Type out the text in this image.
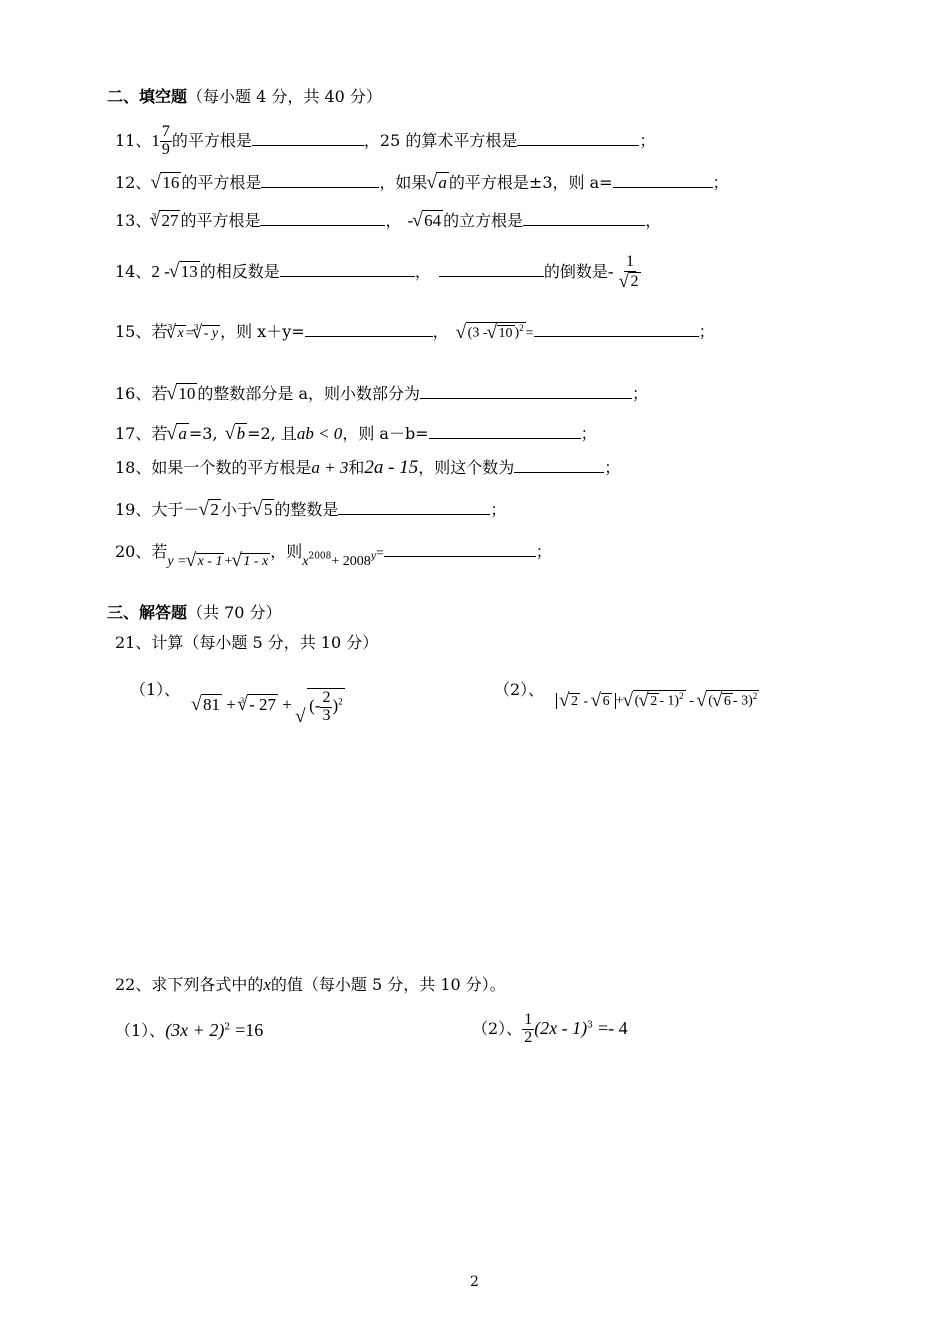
二、填空题（每小题 4 分，共 40 分）
11、$1 \frac{7}{9}$ 的平方根是	，25 的算术平方根是	；
12、 √ 16 的平方根是	，如果 √ a 的平方根是±3，则 a=	；
13、$^3$ √ 27 的平方根是	， - √ 64 的立方根是	，
14、2 - √ 13 的相反数是	，	的倒数是- 1
√ 2
15、若$^3$ √ x =$^3$ √ - y ，则 x＋y=	， √ (3 - √ 10 )$^2$ =	；
16、若 √ 10 的整数部分是 a，则小数部分为	；
17、若 √ a =3, √ b =2, 且ab < 0，则 a－b=	；
18、如果一个数的平方根是a + 3和2a - 15，则这个数为	；
19、大于－ √ 2 小于 √ 5 的整数是	；
20、若y = √ x - 1 + √ 1 - x，则$x^{2008}+ 2008^y=$	；
三、解答题（共 70 分）
21、计算（每小题 5 分，共 10 分）
（1）、
√ 81 + $^3$ √ - 27 + √ (- $\frac{2}{3} )^2$
（2）、
√ 2 - √ 6 + √ ( √ 2 - 1)$^2$ - √ ( √ 6 - 3)$^2$
22、求下列各式中的x的值（每小题 5 分，共 10 分）。
（1）、$(3x + 2)^2 =16$	（2）、 $\frac{1}{2} (2x - 1)^3 =- 4$
2
